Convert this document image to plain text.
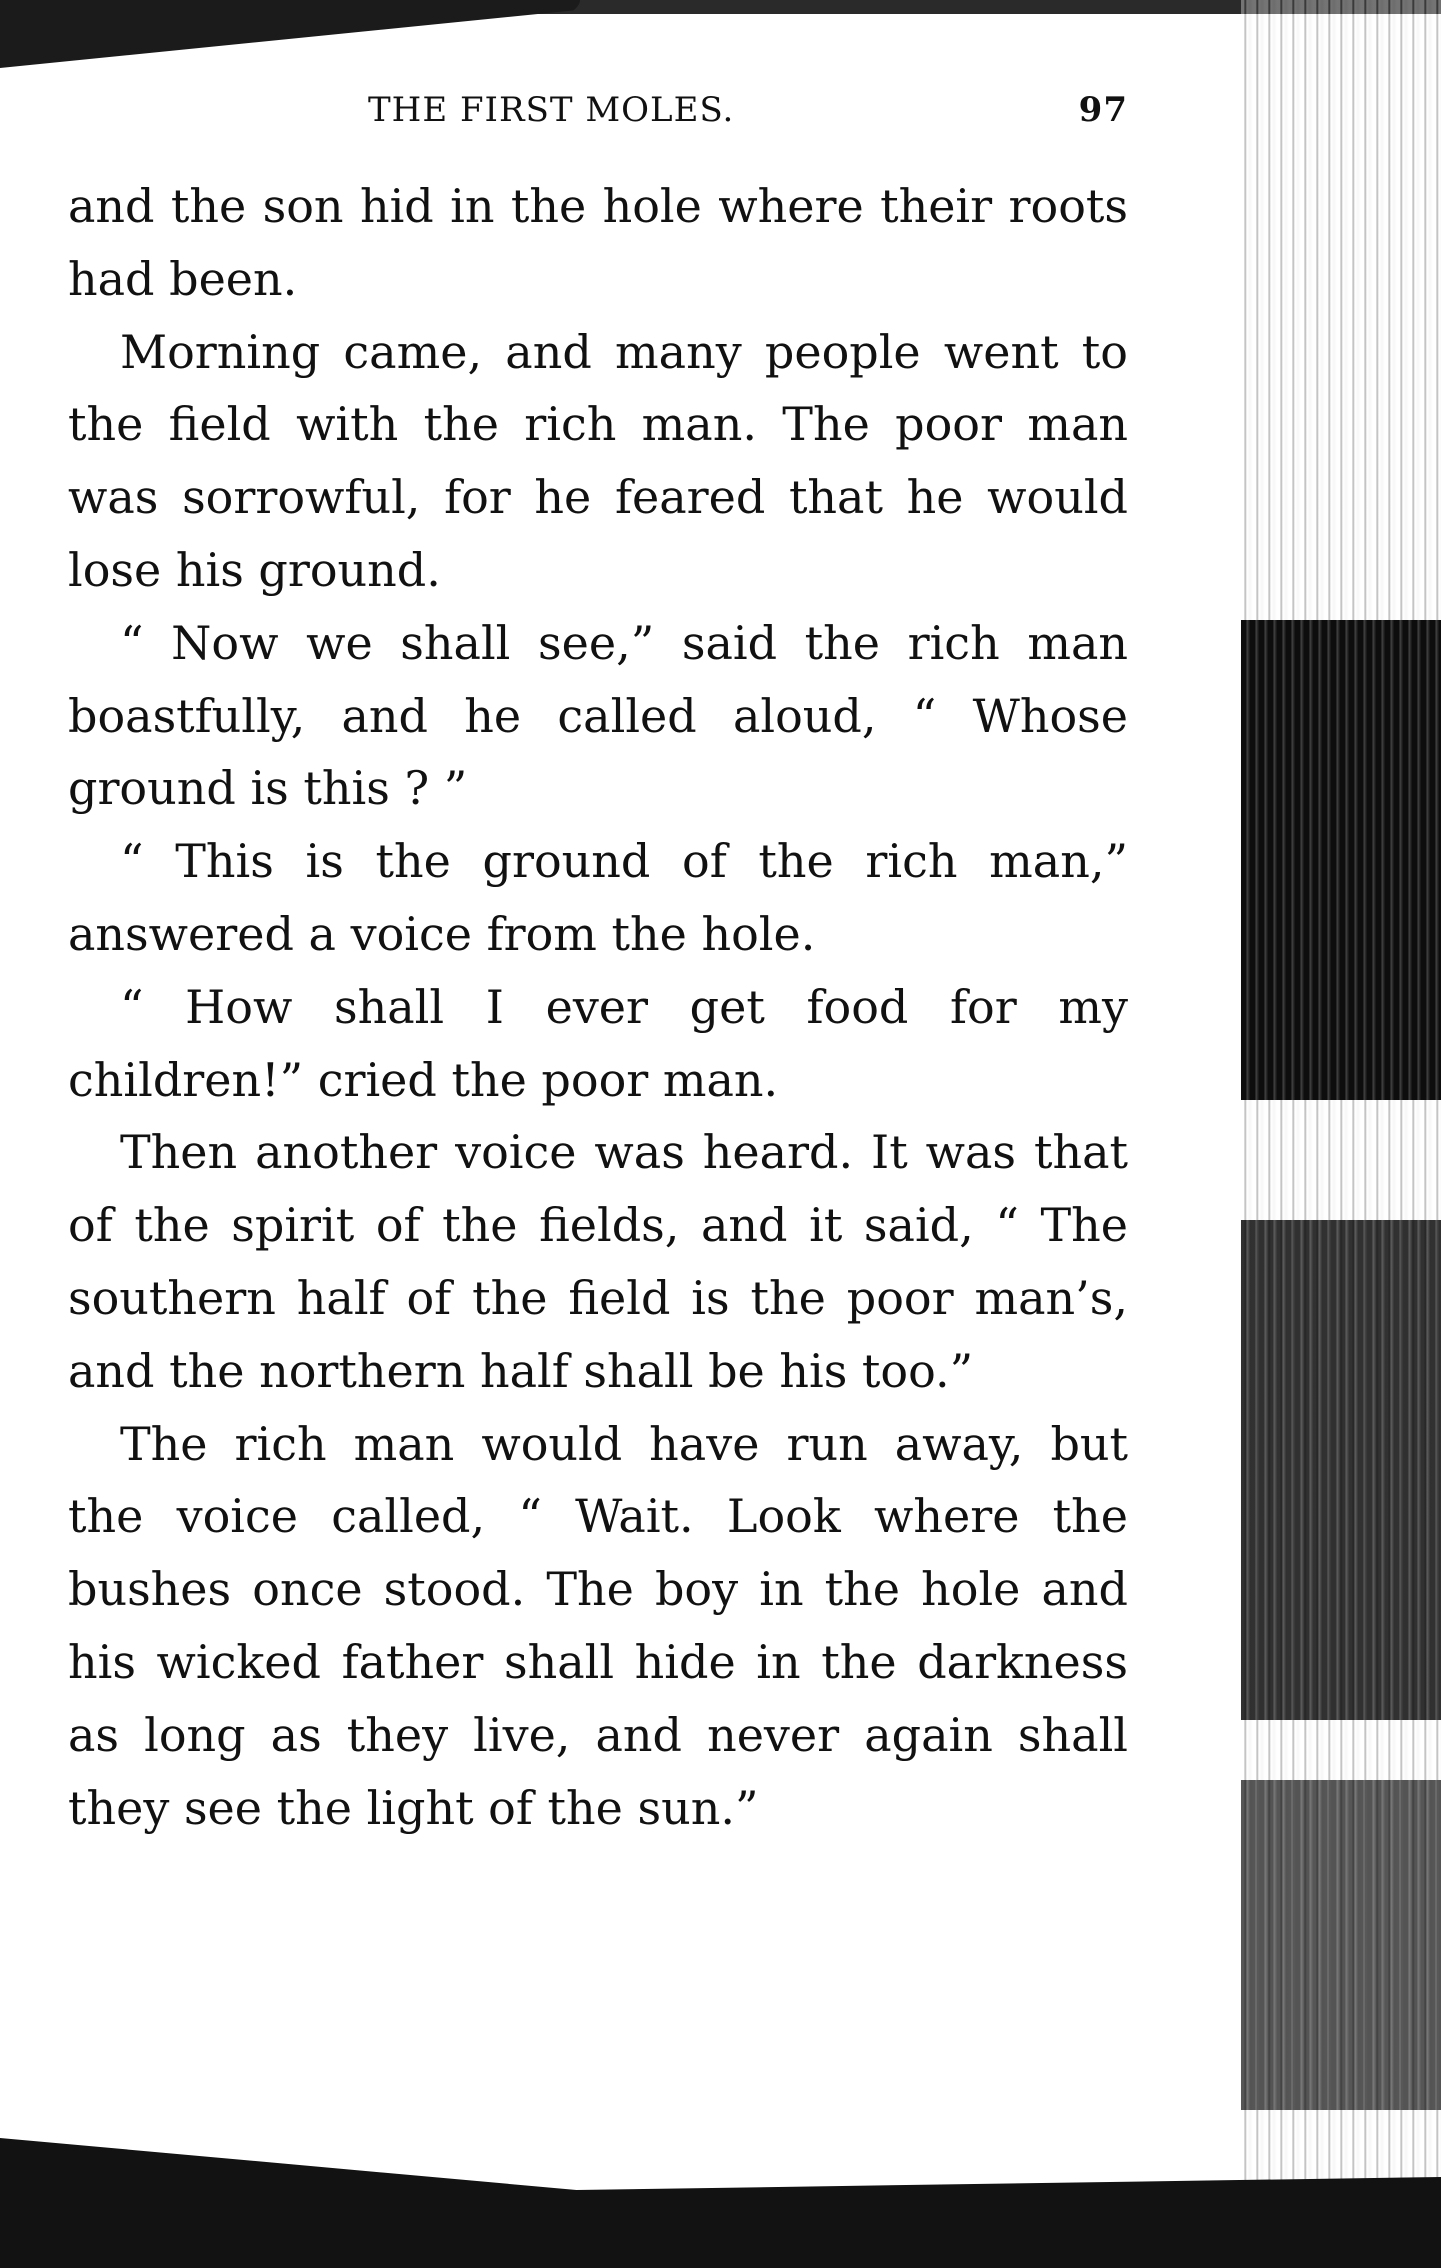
THE FIRST MOLES.	97

and the son hid in the hole where their roots had been.

Morning came, and many people went to the field with the rich man. The poor man was sorrowful, for he feared that he would lose his ground.

“ Now we shall see,” said the rich man boastfully, and he called aloud, “ Whose ground is this ? ”

“ This is the ground of the rich man,” answered a voice from the hole.

“ How shall I ever get food for my children!” cried the poor man.

Then another voice was heard. It was that of the spirit of the fields, and it said, “ The southern half of the field is the poor man’s, and the northern half shall be his too.”

The rich man would have run away, but the voice called, “ Wait. Look where the bushes once stood. The boy in the hole and his wicked father shall hide in the darkness as long as they live, and never again shall they see the light of the sun.”
